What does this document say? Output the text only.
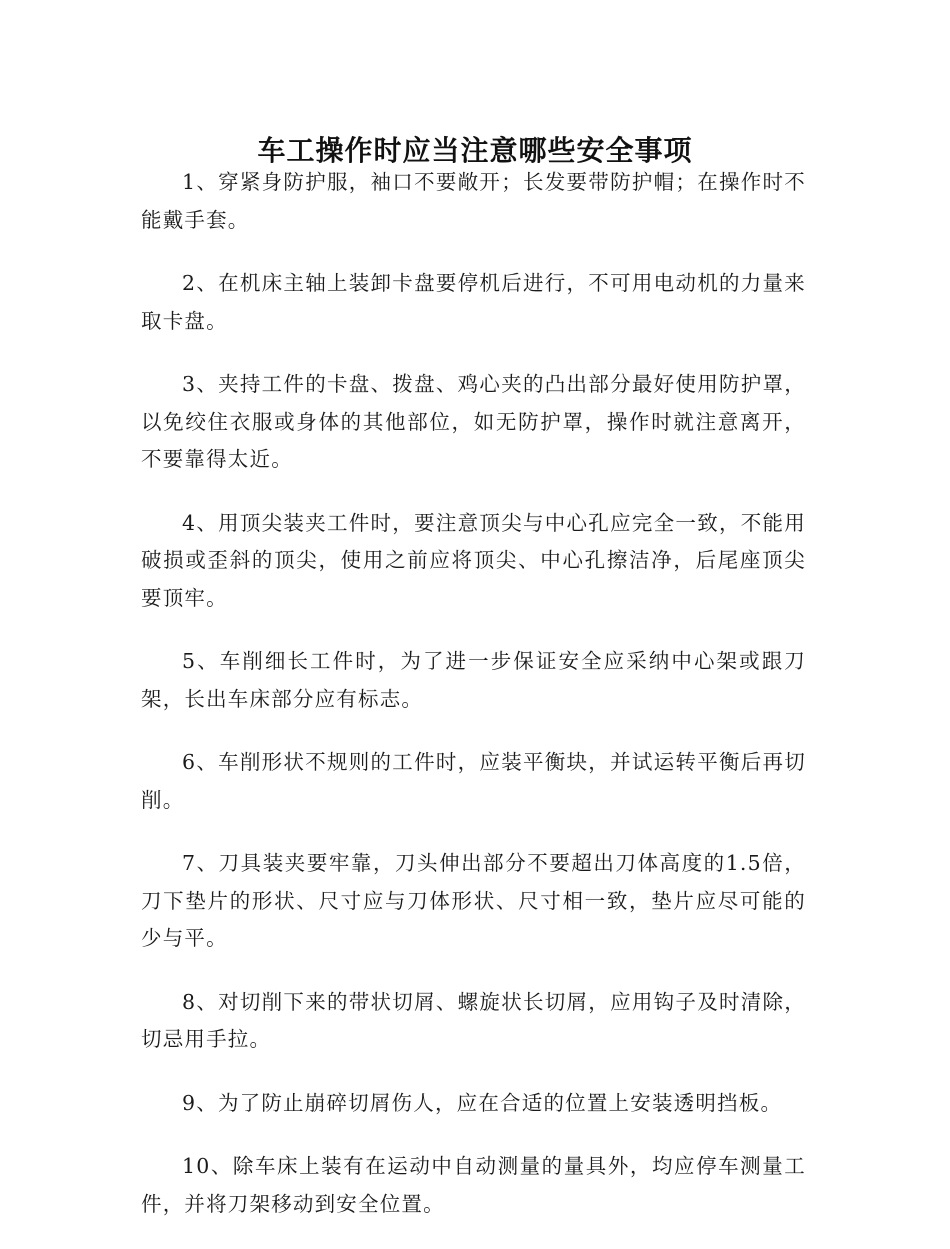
车工操作时应当注意哪些安全事项

1、穿紧身防护服，袖口不要敞开；长发要带防护帽；在操作时不能戴手套。

2、在机床主轴上装卸卡盘要停机后进行，不可用电动机的力量来取卡盘。

3、夹持工件的卡盘、拨盘、鸡心夹的凸出部分最好使用防护罩，以免绞住衣服或身体的其他部位，如无防护罩，操作时就注意离开，不要靠得太近。

4、用顶尖装夹工件时，要注意顶尖与中心孔应完全一致，不能用破损或歪斜的顶尖，使用之前应将顶尖、中心孔擦洁净，后尾座顶尖要顶牢。

5、车削细长工件时，为了进一步保证安全应采纳中心架或跟刀架，长出车床部分应有标志。

6、车削形状不规则的工件时，应装平衡块，并试运转平衡后再切削。

7、刀具装夹要牢靠，刀头伸出部分不要超出刀体高度的1.5倍，刀下垫片的形状、尺寸应与刀体形状、尺寸相一致，垫片应尽可能的少与平。

8、对切削下来的带状切屑、螺旋状长切屑，应用钩子及时清除，切忌用手拉。

9、为了防止崩碎切屑伤人，应在合适的位置上安装透明挡板。

10、除车床上装有在运动中自动测量的量具外，均应停车测量工件，并将刀架移动到安全位置。
